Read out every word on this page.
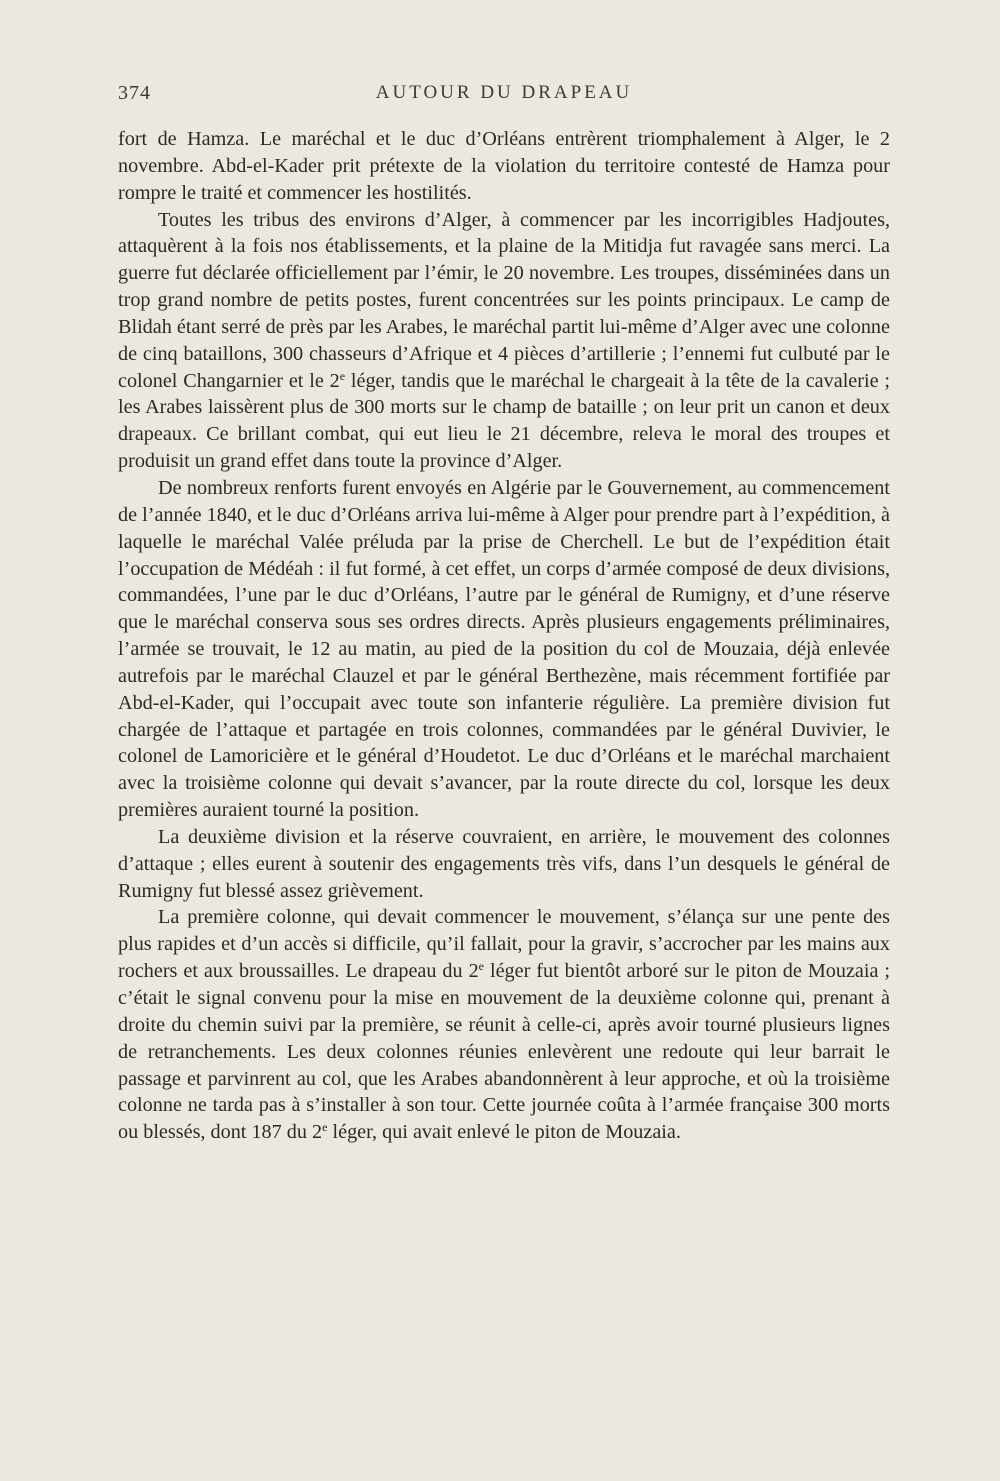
374	AUTOUR DU DRAPEAU

fort de Hamza. Le maréchal et le duc d’Orléans entrèrent triomphalement à Alger, le 2 novembre. Abd-el-Kader prit prétexte de la violation du territoire contesté de Hamza pour rompre le traité et commencer les hostilités.

Toutes les tribus des environs d’Alger, à commencer par les incorrigibles Hadjoutes, attaquèrent à la fois nos établissements, et la plaine de la Mitidja fut ravagée sans merci. La guerre fut déclarée officiellement par l’émir, le 20 novembre. Les troupes, disséminées dans un trop grand nombre de petits postes, furent concentrées sur les points principaux. Le camp de Blidah étant serré de près par les Arabes, le maréchal partit lui-même d’Alger avec une colonne de cinq bataillons, 300 chasseurs d’Afrique et 4 pièces d’artillerie ; l’ennemi fut culbuté par le colonel Changarnier et le 2e léger, tandis que le maréchal le chargeait à la tête de la cavalerie ; les Arabes laissèrent plus de 300 morts sur le champ de bataille ; on leur prit un canon et deux drapeaux. Ce brillant combat, qui eut lieu le 21 décembre, releva le moral des troupes et produisit un grand effet dans toute la province d’Alger.

De nombreux renforts furent envoyés en Algérie par le Gouvernement, au commencement de l’année 1840, et le duc d’Orléans arriva lui-même à Alger pour prendre part à l’expédition, à laquelle le maréchal Valée préluda par la prise de Cherchell. Le but de l’expédition était l’occupation de Médéah : il fut formé, à cet effet, un corps d’armée composé de deux divisions, commandées, l’une par le duc d’Orléans, l’autre par le général de Rumigny, et d’une réserve que le maréchal conserva sous ses ordres directs. Après plusieurs engagements préliminaires, l’armée se trouvait, le 12 au matin, au pied de la position du col de Mouzaia, déjà enlevée autrefois par le maréchal Clauzel et par le général Berthezène, mais récemment fortifiée par Abd-el-Kader, qui l’occupait avec toute son infanterie régulière. La première division fut chargée de l’attaque et partagée en trois colonnes, commandées par le général Duvivier, le colonel de Lamoricière et le général d’Houdetot. Le duc d’Orléans et le maréchal marchaient avec la troisième colonne qui devait s’avancer, par la route directe du col, lorsque les deux premières auraient tourné la position.

La deuxième division et la réserve couvraient, en arrière, le mouvement des colonnes d’attaque ; elles eurent à soutenir des engagements très vifs, dans l’un desquels le général de Rumigny fut blessé assez grièvement.

La première colonne, qui devait commencer le mouvement, s’élança sur une pente des plus rapides et d’un accès si difficile, qu’il fallait, pour la gravir, s’accrocher par les mains aux rochers et aux broussailles. Le drapeau du 2e léger fut bientôt arboré sur le piton de Mouzaia ; c’était le signal convenu pour la mise en mouvement de la deuxième colonne qui, prenant à droite du chemin suivi par la première, se réunit à celle-ci, après avoir tourné plusieurs lignes de retranchements. Les deux colonnes réunies enlevèrent une redoute qui leur barrait le passage et parvinrent au col, que les Arabes abandonnèrent à leur approche, et où la troisième colonne ne tarda pas à s’installer à son tour. Cette journée coûta à l’armée française 300 morts ou blessés, dont 187 du 2e léger, qui avait enlevé le piton de Mouzaia.
